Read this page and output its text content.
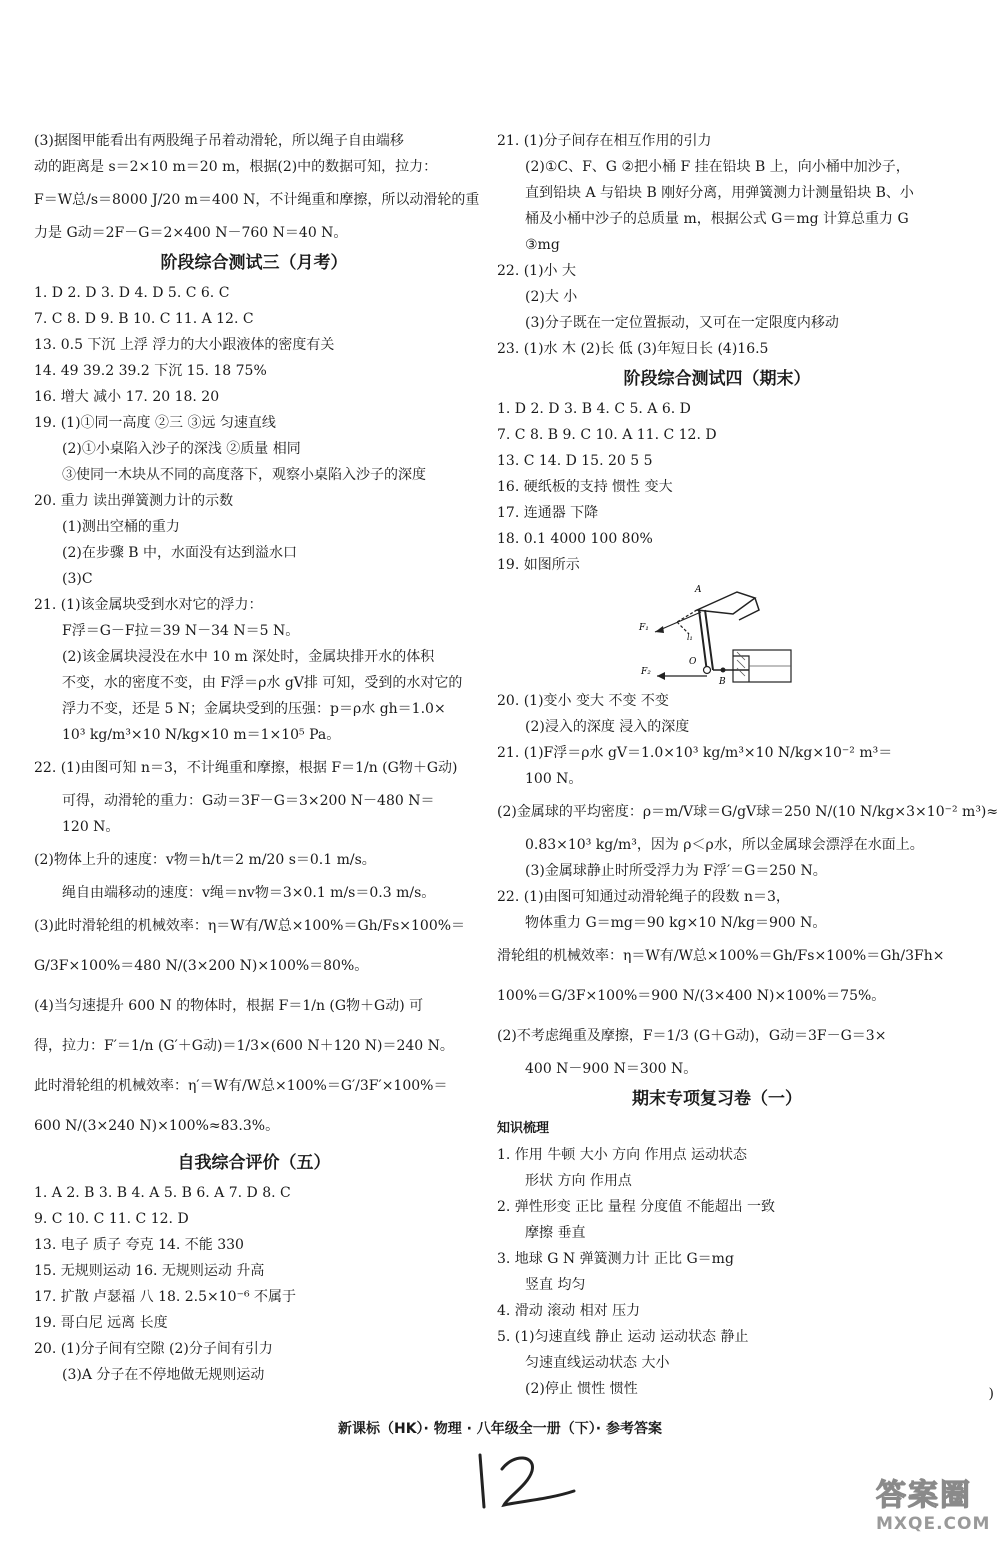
(3)据图甲能看出有两股绳子吊着动滑轮，所以绳子自由端移
动的距离是 s＝2×10 m＝20 m，根据(2)中的数据可知，拉力：
F＝W总/s＝8000 J/20 m＝400 N，不计绳重和摩擦，所以动滑轮的重
力是 G动＝2F－G＝2×400 N－760 N＝40 N。
阶段综合测试三（月考）
1. D 2. D 3. D 4. D 5. C 6. C
7. C 8. D 9. B 10. C 11. A 12. C
13. 0.5 下沉 上浮 浮力的大小跟液体的密度有关
14. 49 39.2 39.2 下沉 15. 18 75%
16. 增大 减小 17. 20 18. 20
19. (1)①同一高度 ②三 ③远 匀速直线
(2)①小桌陷入沙子的深浅 ②质量 相同
③使同一木块从不同的高度落下，观察小桌陷入沙子的深度
20. 重力 读出弹簧测力计的示数
(1)测出空桶的重力
(2)在步骤 B 中，水面没有达到溢水口
(3)C
21. (1)该金属块受到水对它的浮力：
F浮＝G－F拉＝39 N－34 N＝5 N。
(2)该金属块浸没在水中 10 m 深处时，金属块排开水的体积
不变，水的密度不变，由 F浮＝ρ水 gV排 可知，受到的水对它的
浮力不变，还是 5 N；金属块受到的压强：p＝ρ水 gh＝1.0×
10³ kg/m³×10 N/kg×10 m＝1×10⁵ Pa。
22. (1)由图可知 n＝3，不计绳重和摩擦，根据 F＝1/n (G物＋G动)
可得，动滑轮的重力：G动＝3F－G＝3×200 N－480 N＝
120 N。
(2)物体上升的速度：v物＝h/t＝2 m/20 s＝0.1 m/s。
绳自由端移动的速度：v绳＝nv物＝3×0.1 m/s＝0.3 m/s。
(3)此时滑轮组的机械效率：η＝W有/W总×100%＝Gh/Fs×100%＝
G/3F×100%＝480 N/(3×200 N)×100%＝80%。
(4)当匀速提升 600 N 的物体时，根据 F＝1/n (G物＋G动) 可
得，拉力：F′＝1/n (G′＋G动)＝1/3×(600 N＋120 N)＝240 N。
此时滑轮组的机械效率：η′＝W有/W总×100%＝G′/3F′×100%＝
600 N/(3×240 N)×100%≈83.3%。
自我综合评价（五）
1. A 2. B 3. B 4. A 5. B 6. A 7. D 8. C
9. C 10. C 11. C 12. D
13. 电子 质子 夸克 14. 不能 330
15. 无规则运动 16. 无规则运动 升高
17. 扩散 卢瑟福 八 18. 2.5×10⁻⁶ 不属于
19. 哥白尼 远离 长度
20. (1)分子间有空隙 (2)分子间有引力
(3)A 分子在不停地做无规则运动
21. (1)分子间存在相互作用的引力
(2)①C、F、G ②把小桶 F 挂在铅块 B 上，向小桶中加沙子，
直到铅块 A 与铅块 B 刚好分离，用弹簧测力计测量铅块 B、小
桶及小桶中沙子的总质量 m，根据公式 G＝mg 计算总重力 G
③mg
22. (1)小 大
(2)大 小
(3)分子既在一定位置振动，又可在一定限度内移动
23. (1)水 木 (2)长 低 (3)年短日长 (4)16.5
阶段综合测试四（期末）
1. D 2. D 3. B 4. C 5. A 6. D
7. C 8. B 9. C 10. A 11. C 12. D
13. C 14. D 15. 20 5 5
16. 硬纸板的支持 惯性 变大
17. 连通器 下降
18. 0.1 4000 100 80%
19. 如图所示
A
F₁
O
l₁
F₂
B
20. (1)变小 变大 不变 不变
(2)浸入的深度 浸入的深度
21. (1)F浮＝ρ水 gV＝1.0×10³ kg/m³×10 N/kg×10⁻² m³＝
100 N。
(2)金属球的平均密度：ρ＝m/V球＝G/gV球＝250 N/(10 N/kg×3×10⁻² m³)≈
0.83×10³ kg/m³，因为 ρ＜ρ水，所以金属球会漂浮在水面上。
(3)金属球静止时所受浮力为 F浮′＝G＝250 N。
22. (1)由图可知通过动滑轮绳子的段数 n＝3，
物体重力 G＝mg＝90 kg×10 N/kg＝900 N。
滑轮组的机械效率：η＝W有/W总×100%＝Gh/Fs×100%＝Gh/3Fh×
100%＝G/3F×100%＝900 N/(3×400 N)×100%＝75%。
(2)不考虑绳重及摩擦，F＝1/3 (G＋G动)，G动＝3F－G＝3×
400 N－900 N＝300 N。
期末专项复习卷（一）
知识梳理
1. 作用 牛顿 大小 方向 作用点 运动状态
形状 方向 作用点
2. 弹性形变 正比 量程 分度值 不能超出 一致
摩擦 垂直
3. 地球 G N 弹簧测力计 正比 G＝mg
竖直 均匀
4. 滑动 滚动 相对 压力
5. (1)匀速直线 静止 运动 运动状态 静止
匀速直线运动状态 大小
(2)停止 惯性 惯性
新课标（HK）· 物理 · 八年级全一册（下）· 参考答案
答案圈
MXQE.COM
)
